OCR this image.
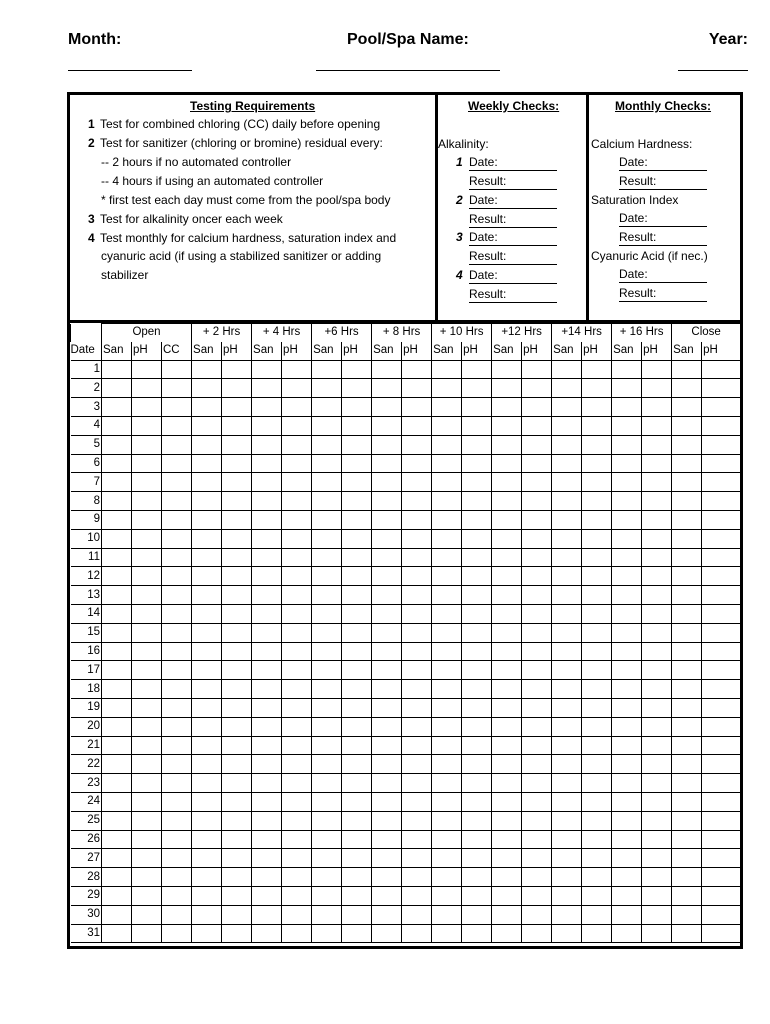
Month:	Pool/Spa Name:	Year:
Testing Requirements
1 Test for combined chloring (CC) daily before opening
2 Test for sanitizer (chloring or bromine) residual every:
-- 2 hours if no automated controller
-- 4 hours if using an automated controller
* first test each day must come from the pool/spa body
3 Test for alkalinity oncer each week
4 Test monthly for calcium hardness, saturation index and
cyanuric acid (if using a stabilized sanitizer or adding
stabilizer
Weekly Checks:
Alkalinity:
1 Date:
Result:
2 Date:
Result:
3 Date:
Result:
4 Date:
Result:
Monthly Checks:
Calcium Hardness:
Date:
Result:
Saturation Index
Date:
Result:
Cyanuric Acid (if nec.)
Date:
Result:
	Open			+ 2 Hrs		+ 4 Hrs		+6 Hrs		+ 8 Hrs		+ 10 Hrs		+12 Hrs		+14 Hrs		+ 16 Hrs		Close	
Date	San	pH	CC	San	pH	San	pH	San	pH	San	pH	San	pH	San	pH	San	pH	San	pH	San	pH
1																					
2																					
3																					
4																					
5																					
6																					
7																					
8																					
9																					
10																					
11																					
12																					
13																					
14																					
15																					
16																					
17																					
18																					
19																					
20																					
21																					
22																					
23																					
24																					
25																					
26																					
27																					
28																					
29																					
30																					
31																					
